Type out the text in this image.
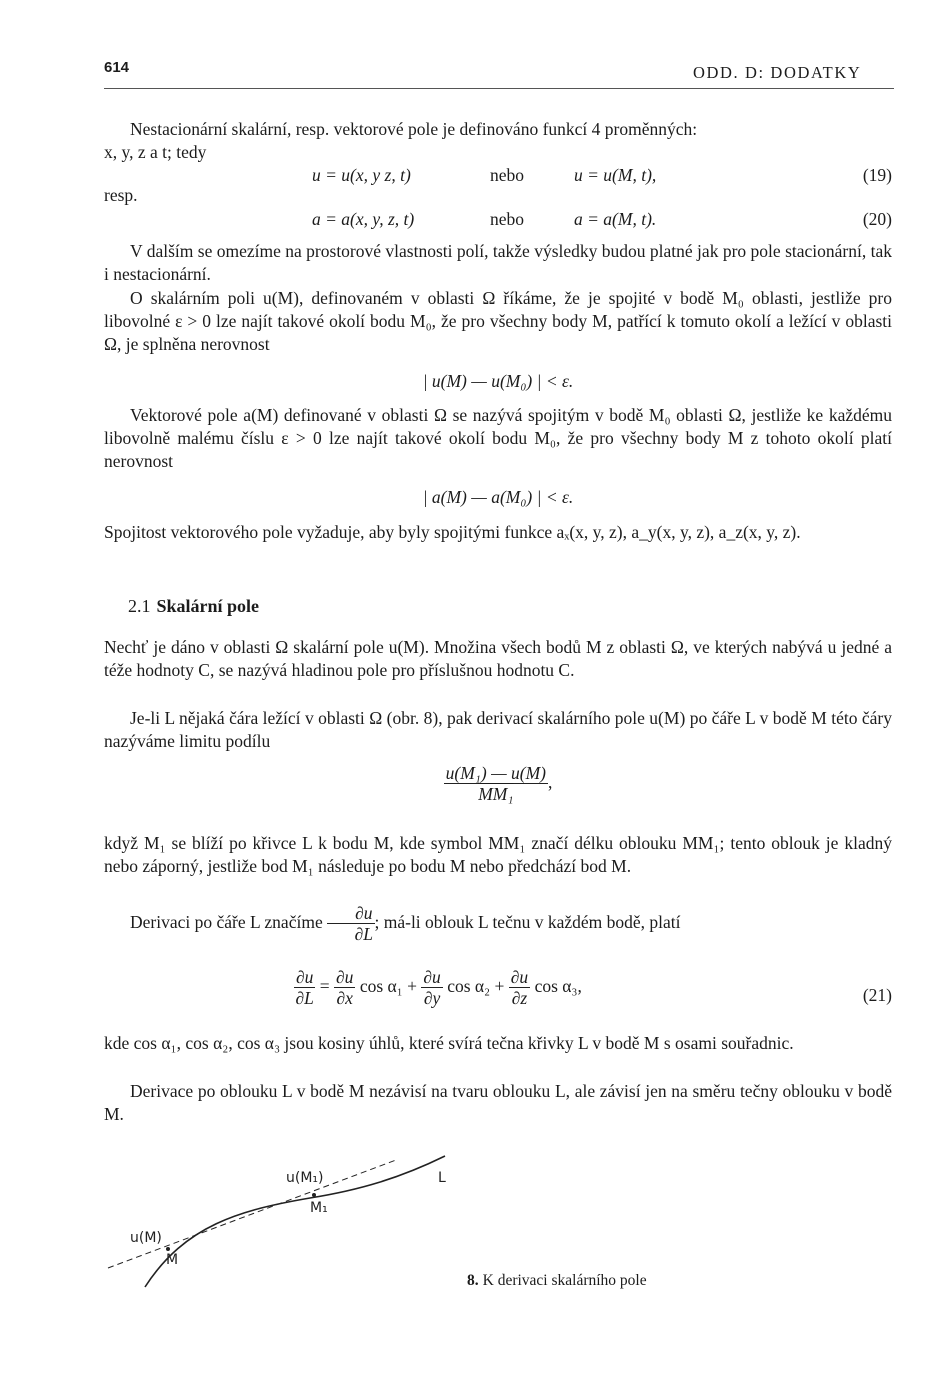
614	ODD. D: DODATKY

Nestacionární skalární, resp. vektorové pole je definováno funkcí 4 proměnných:

x, y, z a t; tedy

u = u(x, y z, t)	nebo	u = u(M, t),	(19)
resp.
a = a(x, y, z, t)	nebo	a = a(M, t).	(20)

V dalším se omezíme na prostorové vlastnosti polí, takže výsledky budou platné jak pro pole stacionární, tak i nestacionární.

O skalárním poli u(M), definovaném v oblasti Ω říkáme, že je spojité v bodě M₀ oblasti, jestliže pro libovolné ε > 0 lze najít takové okolí bodu M₀, že pro všechny body M, patřící k tomuto okolí a ležící v oblasti Ω, je splněna nerovnost

| u(M) — u(M₀) | < ε.

Vektorové pole a(M) definované v oblasti Ω se nazývá spojitým v bodě M₀ oblasti Ω, jestliže ke každému libovolně malému číslu ε > 0 lze najít takové okolí bodu M₀, že pro všechny body M z tohoto okolí platí nerovnost

| a(M) — a(M₀) | < ε.

Spojitost vektorového pole vyžaduje, aby byly spojitými funkce aₓ(x, y, z), a_y(x, y, z), a_z(x, y, z).

2.1 Skalární pole

Nechť je dáno v oblasti Ω skalární pole u(M). Množina všech bodů M z oblasti Ω, ve kterých nabývá u jedné a téže hodnoty C, se nazývá hladinou pole pro příslušnou hodnotu C.

Je-li L nějaká čára ležící v oblasti Ω (obr. 8), pak derivací skalárního pole u(M) po čáře L v bodě M této čáry nazýváme limitu podílu

$\frac{\text{u(M₁) — u(M)}}{\text{MM₁}}$ ,

když M₁ se blíží po křivce L k bodu M, kde symbol MM₁ značí délku oblouku MM₁; tento oblouk je kladný nebo záporný, jestliže bod M₁ následuje po bodu M nebo předchází bod M.

Derivaci po čáře L značíme $\frac{\partial u}{\partial L}$ ; má-li oblouk L tečnu v každém bodě, platí

$\frac{\partial u}{\partial L} = \frac{\partial u}{\partial x}$ $\cos \alpha_1 + \frac{\partial u}{\partial y}$ $\cos \alpha_2 + \frac{\partial u}{\partial z}$ cos α₃,	(21)

kde cos α₁, cos α₂, cos α₃ jsou kosiny úhlů, které svírá tečna křivky L v bodě M s osami souřadnic.

Derivace po oblouku L v bodě M nezávisí na tvaru oblouku L, ale závisí jen na směru tečny oblouku v bodě M.

u(M₁)	L
M₁
u(M)
M
8. K derivaci skalárního pole
